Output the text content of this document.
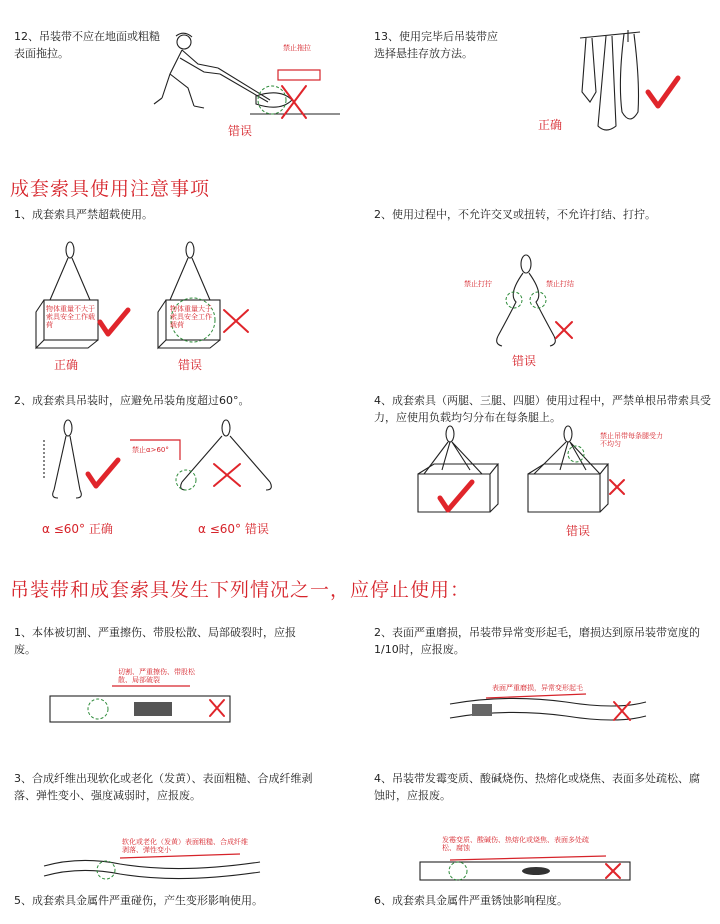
12、吊装带不应在地面或粗糙表面拖拉。	禁止拖拉
错误
13、使用完毕后吊装带应选择悬挂存放方法。
正确
成套索具使用注意事项
1、成套索具严禁超载使用。
物体重量不大于索具安全工作载荷
物体重量大于索具安全工作载荷
正确	错误
2、使用过程中，不允许交叉或扭转，不允许打结、打拧。
禁止打拧	禁止打结
错误
2、成套索具吊装时，应避免吊装角度超过60°。
禁止α>60°
α ≤60° 正确	α ≤60° 错误
4、成套索具（两腿、三腿、四腿）使用过程中，严禁单根吊带索具受力，应使用负载均匀分布在每条腿上。
禁止吊带每条腿受力不均匀
错误
吊装带和成套索具发生下列情况之一，应停止使用：
1、本体被切割、严重擦伤、带股松散、局部破裂时，应报废。
切割、严重擦伤、带股松散、局部破裂
2、表面严重磨损，吊装带异常变形起毛，磨损达到原吊装带宽度的1/10时，应报废。
表面严重磨损，异常变形起毛
3、合成纤维出现软化或老化（发黄）、表面粗糙、合成纤维剥落、弹性变小、强度减弱时，应报废。
软化或老化（发黄）表面粗糙、合成纤维剥落、弹性变小
4、吊装带发霉变质、酸碱烧伤、热熔化或烧焦、表面多处疏松、腐蚀时，应报废。
发霉变质、酸碱伤、热熔化或烧焦、表面多处疏松、腐蚀
5、成套索具金属件严重碰伤，产生变形影响使用。	6、成套索具金属件严重锈蚀影响程度。
